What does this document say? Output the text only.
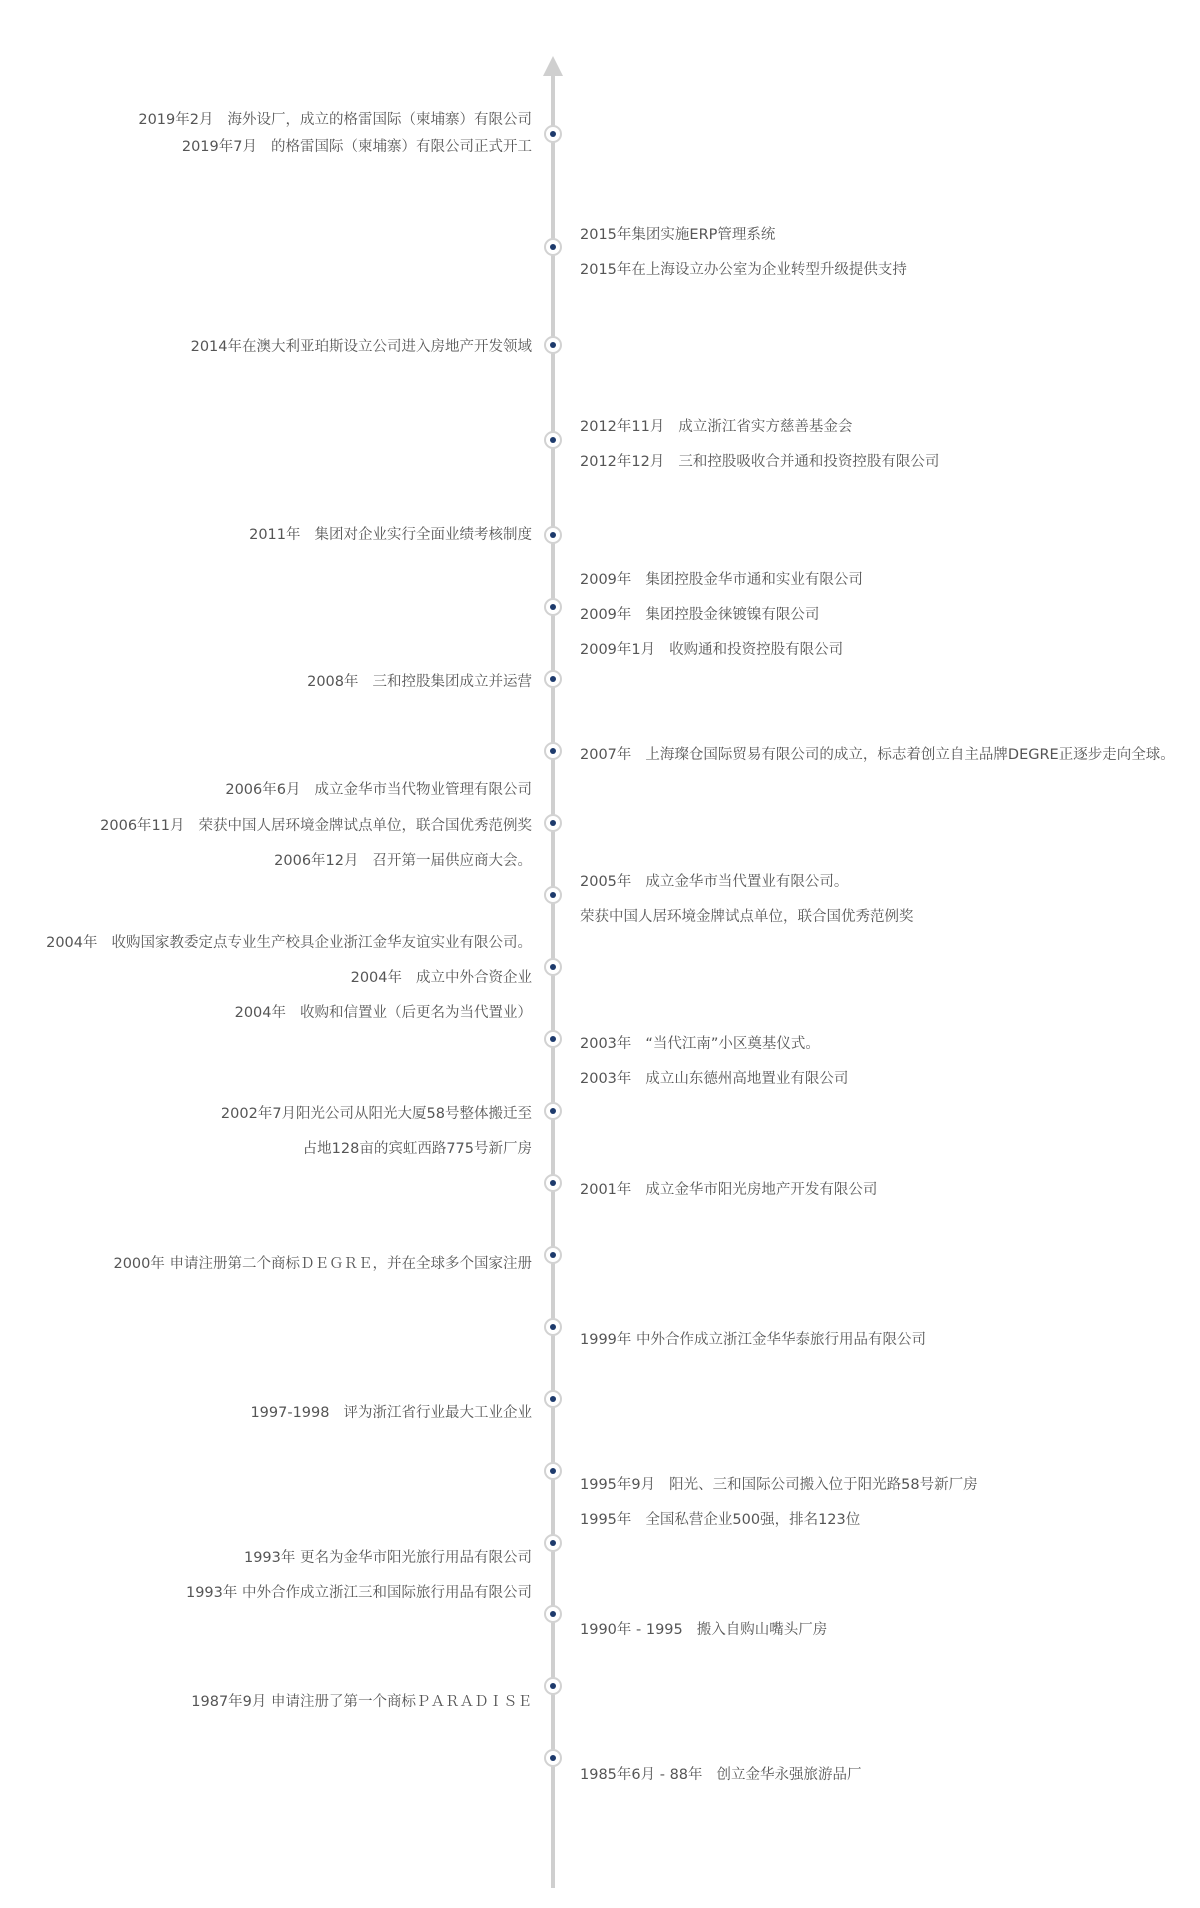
2019年2月 海外设厂，成立的格雷国际（柬埔寨）有限公司
2019年7月 的格雷国际（柬埔寨）有限公司正式开工
2015年集团实施ERP管理系统
2015年在上海设立办公室为企业转型升级提供支持
2014年在澳大利亚珀斯设立公司进入房地产开发领域
2012年11月 成立浙江省实方慈善基金会
2012年12月 三和控股吸收合并通和投资控股有限公司
2011年 集团对企业实行全面业绩考核制度
2009年 集团控股金华市通和实业有限公司
2009年 集团控股金徕镀镍有限公司
2009年1月 收购通和投资控股有限公司
2008年 三和控股集团成立并运营
2007年 上海璨仓国际贸易有限公司的成立，标志着创立自主品牌DEGRE正逐步走向全球。
2006年6月 成立金华市当代物业管理有限公司
2006年11月 荣获中国人居环境金牌试点单位，联合国优秀范例奖
2006年12月 召开第一届供应商大会。
2005年 成立金华市当代置业有限公司。
荣获中国人居环境金牌试点单位，联合国优秀范例奖
2004年 收购国家教委定点专业生产校具企业浙江金华友谊实业有限公司。
2004年 成立中外合资企业
2004年 收购和信置业（后更名为当代置业）
2003年 “当代江南”小区奠基仪式。
2003年 成立山东德州高地置业有限公司
2002年7月阳光公司从阳光大厦58号整体搬迁至
占地128亩的宾虹西路775号新厂房
2001年 成立金华市阳光房地产开发有限公司
2000年 申请注册第二个商标ＤＥＧＲＥ，并在全球多个国家注册
1999年 中外合作成立浙江金华华泰旅行用品有限公司
1997-1998 评为浙江省行业最大工业企业
1995年9月 阳光、三和国际公司搬入位于阳光路58号新厂房
1995年 全国私营企业500强，排名123位
1993年 更名为金华市阳光旅行用品有限公司
1993年 中外合作成立浙江三和国际旅行用品有限公司
1990年 - 1995 搬入自购山嘴头厂房
1987年9月 申请注册了第一个商标ＰＡＲＡＤＩＳＥ
1985年6月 - 88年 创立金华永强旅游品厂
